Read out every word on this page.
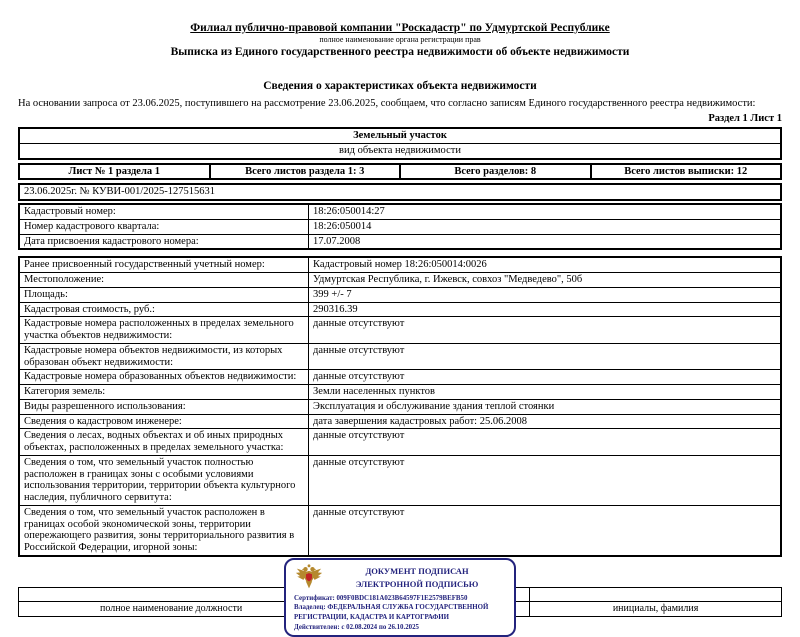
Филиал публично-правовой компании "Роскадастр" по Удмуртской Республике
полное наименование органа регистрации прав
Выписка из Единого государственного реестра недвижимости об объекте недвижимости
Сведения о характеристиках объекта недвижимости
На основании запроса от 23.06.2025, поступившего на рассмотрение 23.06.2025, сообщаем, что согласно записям Единого государственного реестра недвижимости:
Раздел 1 Лист 1
Земельный участок
вид объекта недвижимости
Лист № 1 раздела 1	Всего листов раздела 1: 3	Всего разделов: 8	Всего листов выписки: 12
23.06.2025г. № КУВИ-001/2025-127515631
Кадастровый номер:	18:26:050014:27
Номер кадастрового квартала:	18:26:050014
Дата присвоения кадастрового номера:	17.07.2008
Ранее присвоенный государственный учетный номер:	Кадастровый номер 18:26:050014:0026
Местоположение:	Удмуртская Республика, г. Ижевск, совхоз "Медведево", 50б
Площадь:	399 +/- 7
Кадастровая стоимость, руб.:	290316.39
Кадастровые номера расположенных в пределах земельного участка объектов недвижимости:	данные отсутствуют
Кадастровые номера объектов недвижимости, из которых образован объект недвижимости:	данные отсутствуют
Кадастровые номера образованных объектов недвижимости:	данные отсутствуют
Категория земель:	Земли населенных пунктов
Виды разрешенного использования:	Эксплуатация и обслуживание здания теплой стоянки
Сведения о кадастровом инженере:	дата завершения кадастровых работ: 25.06.2008
Сведения о лесах, водных объектах и об иных природных объектах, расположенных в пределах земельного участка:	данные отсутствуют
Сведения о том, что земельный участок полностью расположен в границах зоны с особыми условиями использования территории, территории объекта культурного наследия, публичного сервитута:	данные отсутствуют
Сведения о том, что земельный участок расположен в границах особой экономической зоны, территории опережающего развития, зоны территориального развития в Российской Федерации, игорной зоны:	данные отсутствуют

полное наименование должности		инициалы, фамилия
ДОКУМЕНТ ПОДПИСАН
ЭЛЕКТРОННОЙ ПОДПИСЬЮ
Сертификат: 009F0BDC181A023B64597F1E2579BEFB50
Владелец: ФЕДЕРАЛЬНАЯ СЛУЖБА ГОСУДАРСТВЕННОЙ РЕГИСТРАЦИИ, КАДАСТРА И КАРТОГРАФИИ
Действителен: с 02.08.2024 по 26.10.2025
